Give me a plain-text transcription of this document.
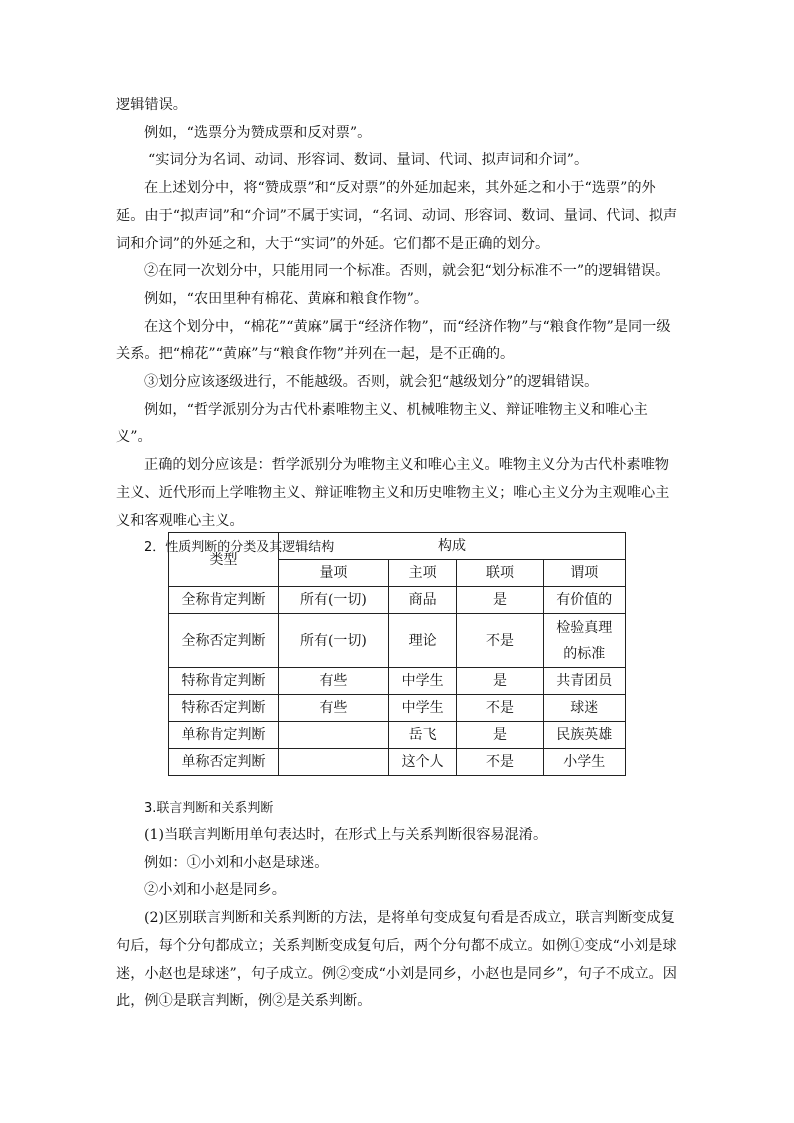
逻辑错误。

例如，“选票分为赞成票和反对票”。

“实词分为名词、动词、形容词、数词、量词、代词、拟声词和介词”。

在上述划分中，将“赞成票”和“反对票”的外延加起来，其外延之和小于“选票”的外延。由于“拟声词”和“介词”不属于实词，“名词、动词、形容词、数词、量词、代词、拟声词和介词”的外延之和，大于“实词”的外延。它们都不是正确的划分。

②在同一次划分中，只能用同一个标准。否则，就会犯“划分标准不一”的逻辑错误。

例如，“农田里种有棉花、黄麻和粮食作物”。

在这个划分中，“棉花”“黄麻”属于“经济作物”，而“经济作物”与“粮食作物”是同一级关系。把“棉花”“黄麻”与“粮食作物”并列在一起，是不正确的。

③划分应该逐级进行，不能越级。否则，就会犯“越级划分”的逻辑错误。

例如，“哲学派别分为古代朴素唯物主义、机械唯物主义、辩证唯物主义和唯心主义”。

正确的划分应该是：哲学派别分为唯物主义和唯心主义。唯物主义分为古代朴素唯物主义、近代形而上学唯物主义、辩证唯物主义和历史唯物主义；唯心主义分为主观唯心主义和客观唯心主义。

2．性质判断的分类及其逻辑结构

类型	构成			
	量项	主项	联项	谓项
全称肯定判断	所有(一切)	商品	是	有价值的
全称否定判断	所有(一切)	理论	不是	检验真理的标准
特称肯定判断	有些	中学生	是	共青团员
特称否定判断	有些	中学生	不是	球迷
单称肯定判断		岳飞	是	民族英雄
单称否定判断		这个人	不是	小学生

3.联言判断和关系判断

(1)当联言判断用单句表达时，在形式上与关系判断很容易混淆。

例如：①小刘和小赵是球迷。

②小刘和小赵是同乡。

(2)区别联言判断和关系判断的方法，是将单句变成复句看是否成立，联言判断变成复句后，每个分句都成立；关系判断变成复句后，两个分句都不成立。如例①变成“小刘是球迷，小赵也是球迷”，句子成立。例②变成“小刘是同乡，小赵也是同乡”，句子不成立。因此，例①是联言判断，例②是关系判断。
